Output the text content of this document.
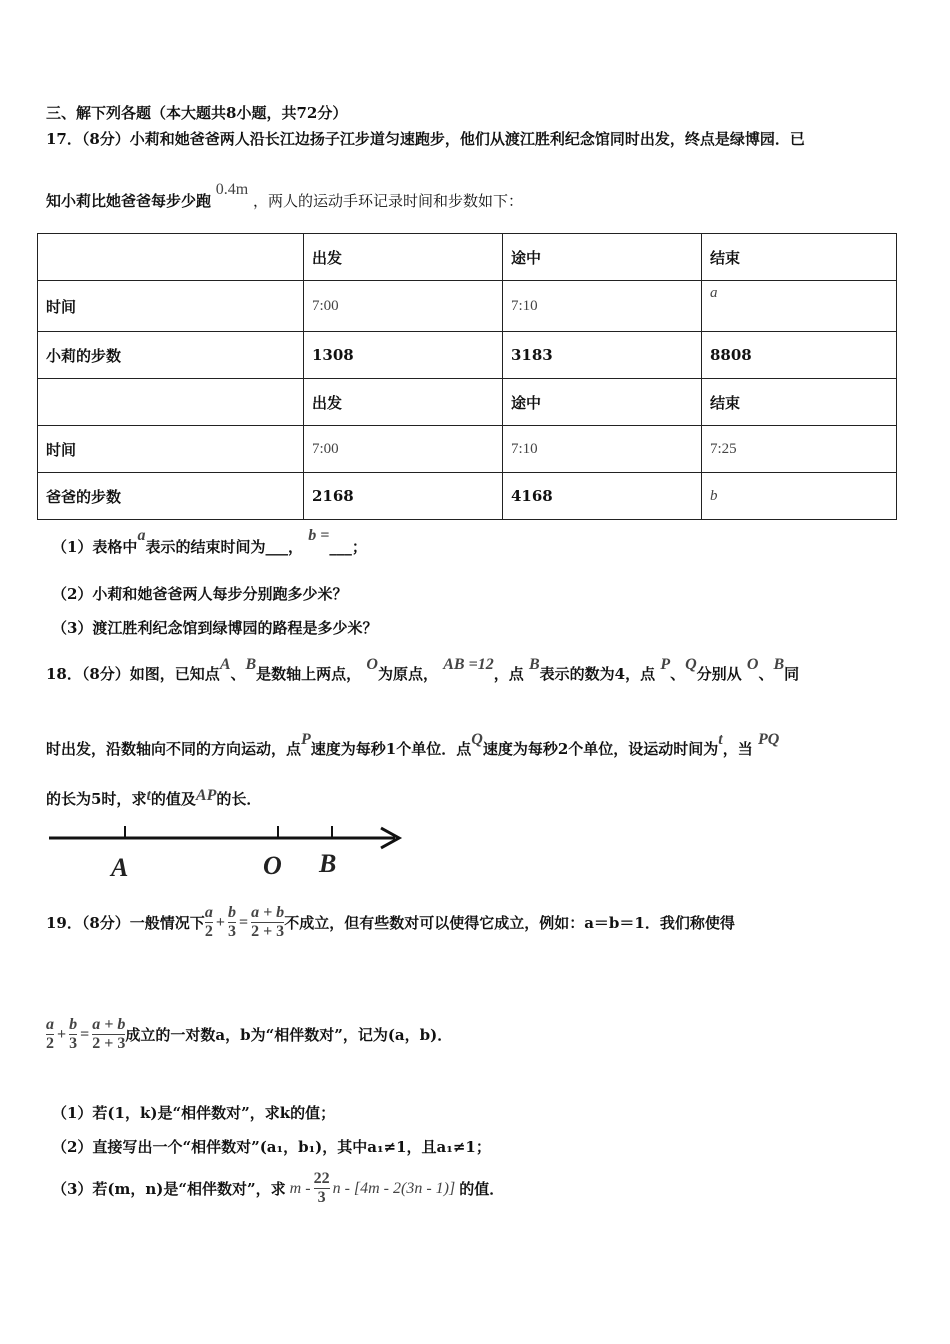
三、解下列各题（本大题共8小题，共72分）
17．（8分）小莉和她爸爸两人沿长江边扬子江步道匀速跑步，他们从渡江胜利纪念馆同时出发，终点是绿博园．已
知小莉比她爸爸每步少跑 0.4m ，两人的运动手环记录时间和步数如下：
	出发	途中	结束
时间	7:00	7:10	a
小莉的步数	1308	3183	8808
	出发	途中	结束
时间	7:00	7:10	7:25
爸爸的步数	2168	4168	b
（1）表格中a表示的结束时间为___， b =___；
（2）小莉和她爸爸两人每步分别跑多少米？
（3）渡江胜利纪念馆到绿博园的路程是多少米？
18．（8分）如图，已知点A、B是数轴上两点， O为原点， AB =12，点 B表示的数为4，点 P、Q分别从 O、B同
时出发，沿数轴向不同的方向运动，点P速度为每秒1个单位．点Q速度为每秒2个单位，设运动时间为t，当 PQ
的长为5时，求t的值及AP的长．
A	O B
19．（8分）一般情况下 $\frac{a}{2} + \frac{b}{3} = \frac{a + b}{2 + 3}$ 不成立，但有些数对可以使得它成立，例如：a＝b＝1．我们称使得
$\frac{a}{2} + \frac{b}{3} = \frac{a + b}{2 + 3}$ 成立的一对数a，b为“相伴数对”，记为(a，b)．
（1）若(1，k)是“相伴数对”，求k的值；
（2）直接写出一个“相伴数对”(a₁，b₁)，其中a₁≠1，且a₁≠1；
（3）若(m，n)是“相伴数对”，求 m - $\frac{22}{3}$ n - [4m - 2(3n - 1)] 的值．
